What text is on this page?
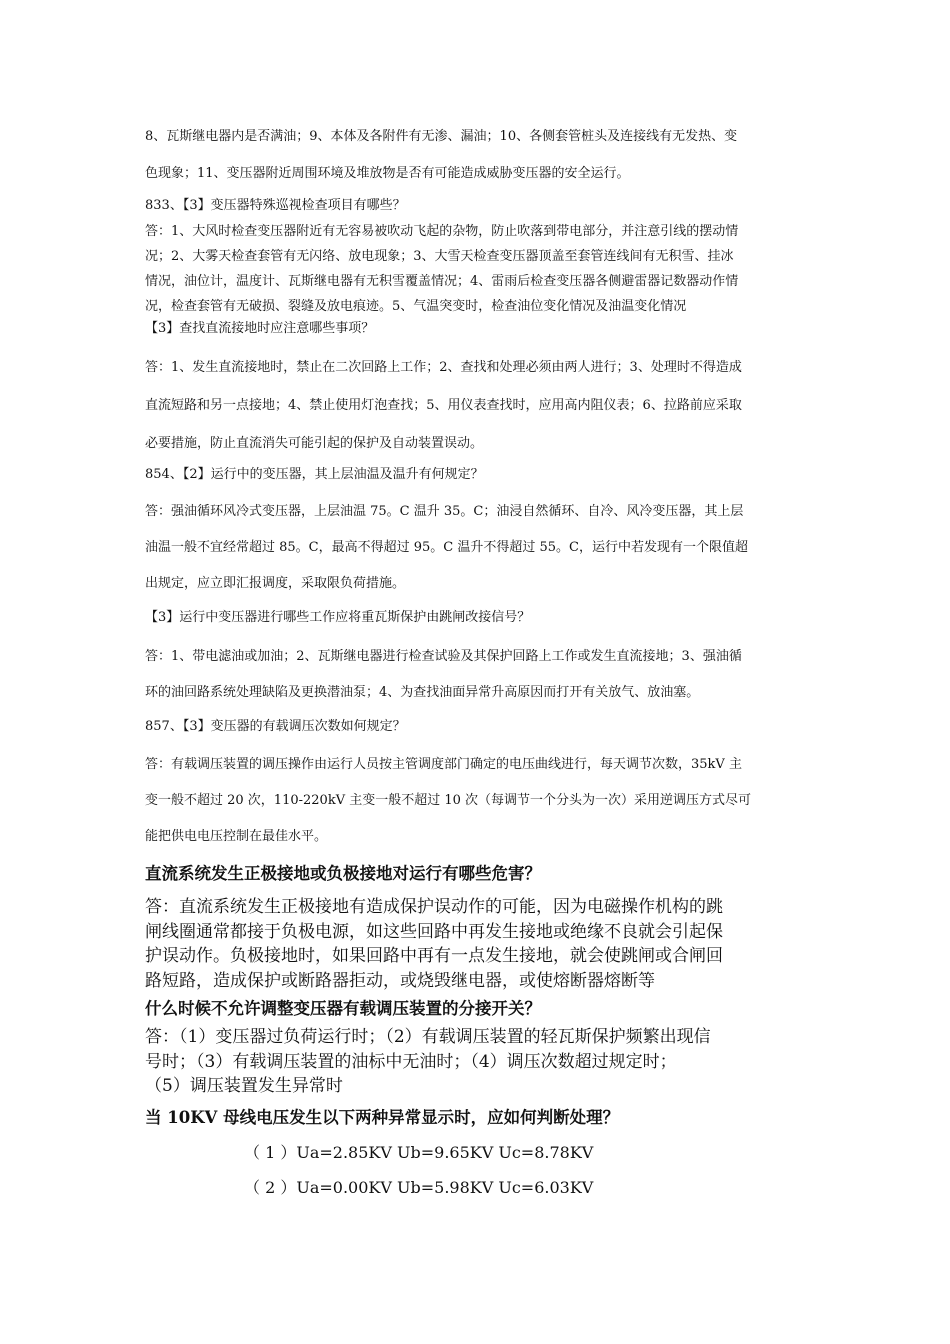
8、瓦斯继电器内是否满油；9、本体及各附件有无渗、漏油；10、各侧套管桩头及连接线有无发热、变
色现象；11、变压器附近周围环境及堆放物是否有可能造成威胁变压器的安全运行。
833、【3】变压器特殊巡视检查项目有哪些？
答：1、大风时检查变压器附近有无容易被吹动飞起的杂物，防止吹落到带电部分，并注意引线的摆动情
况；2、大雾天检查套管有无闪络、放电现象；3、大雪天检查变压器顶盖至套管连线间有无积雪、挂冰
情况，油位计，温度计、瓦斯继电器有无积雪覆盖情况；4、雷雨后检查变压器各侧避雷器记数器动作情
况，检查套管有无破损、裂缝及放电痕迹。5、气温突变时，检查油位变化情况及油温变化情况
【3】查找直流接地时应注意哪些事项？
答：1、发生直流接地时，禁止在二次回路上工作；2、查找和处理必须由两人进行；3、处理时不得造成
直流短路和另一点接地；4、禁止使用灯泡查找；5、用仪表查找时，应用高内阻仪表；6、拉路前应采取
必要措施，防止直流消失可能引起的保护及自动装置误动。
854、【2】运行中的变压器，其上层油温及温升有何规定？
答：强油循环风冷式变压器，上层油温 75。C 温升 35。C；油浸自然循环、自冷、风冷变压器，其上层
油温一般不宜经常超过 85。C，最高不得超过 95。C 温升不得超过 55。C，运行中若发现有一个限值超
出规定，应立即汇报调度，采取限负荷措施。
【3】运行中变压器进行哪些工作应将重瓦斯保护由跳闸改接信号？
答：1、带电滤油或加油；2、瓦斯继电器进行检查试验及其保护回路上工作或发生直流接地；3、强油循
环的油回路系统处理缺陷及更换潜油泵；4、为查找油面异常升高原因而打开有关放气、放油塞。
857、【3】变压器的有载调压次数如何规定？
答：有载调压装置的调压操作由运行人员按主管调度部门确定的电压曲线进行，每天调节次数，35kV 主
变一般不超过 20 次，110-220kV 主变一般不超过 10 次（每调节一个分头为一次）采用逆调压方式尽可
能把供电电压控制在最佳水平。
直流系统发生正极接地或负极接地对运行有哪些危害？
答：直流系统发生正极接地有造成保护误动作的可能，因为电磁操作机构的跳
闸线圈通常都接于负极电源，如这些回路中再发生接地或绝缘不良就会引起保
护误动作。负极接地时，如果回路中再有一点发生接地，就会使跳闸或合闸回
路短路，造成保护或断路器拒动，或烧毁继电器，或使熔断器熔断等
什么时候不允许调整变压器有载调压装置的分接开关？
答：（1）变压器过负荷运行时；（2）有载调压装置的轻瓦斯保护频繁出现信
号时；（3）有载调压装置的油标中无油时；（4）调压次数超过规定时；
（5）调压装置发生异常时
当 10KV 母线电压发生以下两种异常显示时，应如何判断处理？
（ 1 ）Ua=2.85KV Ub=9.65KV Uc=8.78KV
（ 2 ）Ua=0.00KV Ub=5.98KV Uc=6.03KV
